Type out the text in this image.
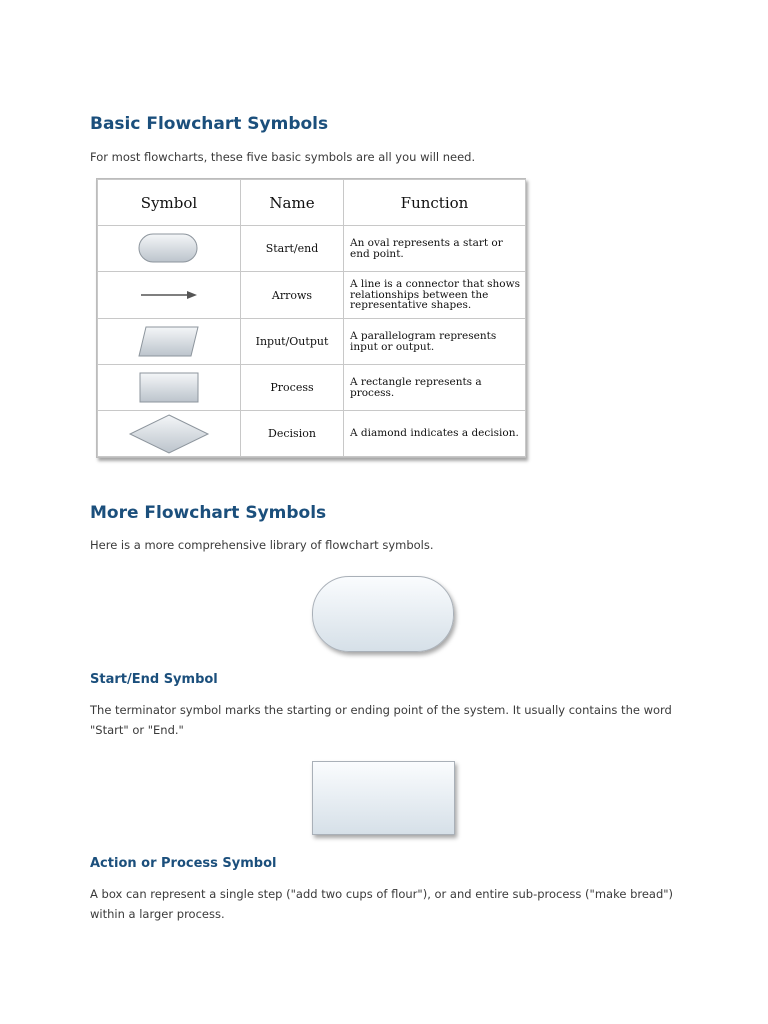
Basic Flowchart Symbols

For most flowcharts, these five basic symbols are all you will need.

Symbol	Name	Function

	Start/end	An oval represents a start or end point.

	Arrows	A line is a connector that shows relationships between the representative shapes.

	Input/Output	A parallelogram represents input or output.

	Process	A rectangle represents a process.

	Decision	A diamond indicates a decision.
More Flowchart Symbols

Here is a more comprehensive library of flowchart symbols.

Start/End Symbol

The terminator symbol marks the starting or ending point of the system. It usually contains the word "Start" or "End."

Action or Process Symbol

A box can represent a single step ("add two cups of flour"), or and entire sub-process ("make bread") within a larger process.
